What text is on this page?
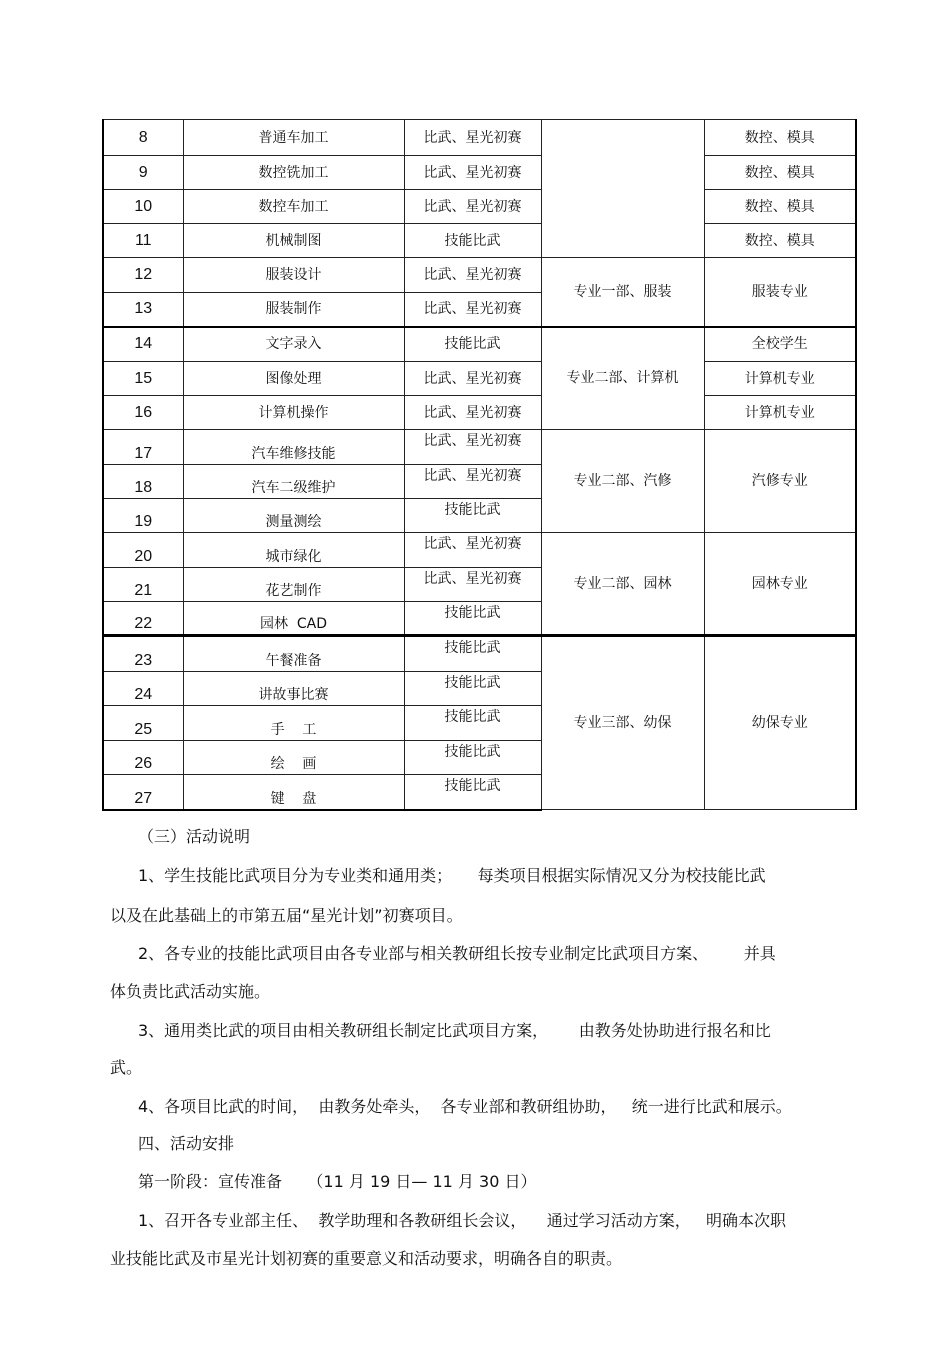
8	普通车加工	比武、星光初赛		数控、模具
9	数控铣加工	比武、星光初赛		数控、模具
10	数控车加工	比武、星光初赛		数控、模具
11	机械制图	技能比武		数控、模具
12	服装设计	比武、星光初赛	专业一部、服装	服装专业
13	服装制作	比武、星光初赛		
14	文字录入	技能比武	专业二部、计算机	全校学生
15	图像处理	比武、星光初赛		计算机专业
16	计算机操作	比武、星光初赛		计算机专业
17	汽车维修技能	比武、星光初赛	专业二部、汽修	汽修专业
18	汽车二级维护	比武、星光初赛		
19	测量测绘	技能比武		
20	城市绿化	比武、星光初赛	专业二部、园林	园林专业
21	花艺制作	比武、星光初赛		
22	园林  CAD	技能比武		
23	午餐准备	技能比武	专业三部、幼保	幼保专业
24	讲故事比赛	技能比武		
25	手    工	技能比武		
26	绘    画	技能比武		
27	键    盘	技能比武		
（三）活动说明
1、学生技能比武项目分为专业类和通用类；     每类项目根据实际情况又分为校技能比武
以及在此基础上的市第五届“星光计划”初赛项目。
2、各专业的技能比武项目由各专业部与相关教研组长按专业制定比武项目方案、       并具
体负责比武活动实施。
3、通用类比武的项目由相关教研组长制定比武项目方案，      由教务处协助进行报名和比
武。
4、各项目比武的时间，  由教务处牵头，  各专业部和教研组协助，   统一进行比武和展示。
四、活动安排
第一阶段：宣传准备     （11 月 19 日— 11 月 30 日）
1、召开各专业部主任、  教学助理和各教研组长会议，    通过学习活动方案，   明确本次职
业技能比武及市星光计划初赛的重要意义和活动要求，明确各自的职责。
